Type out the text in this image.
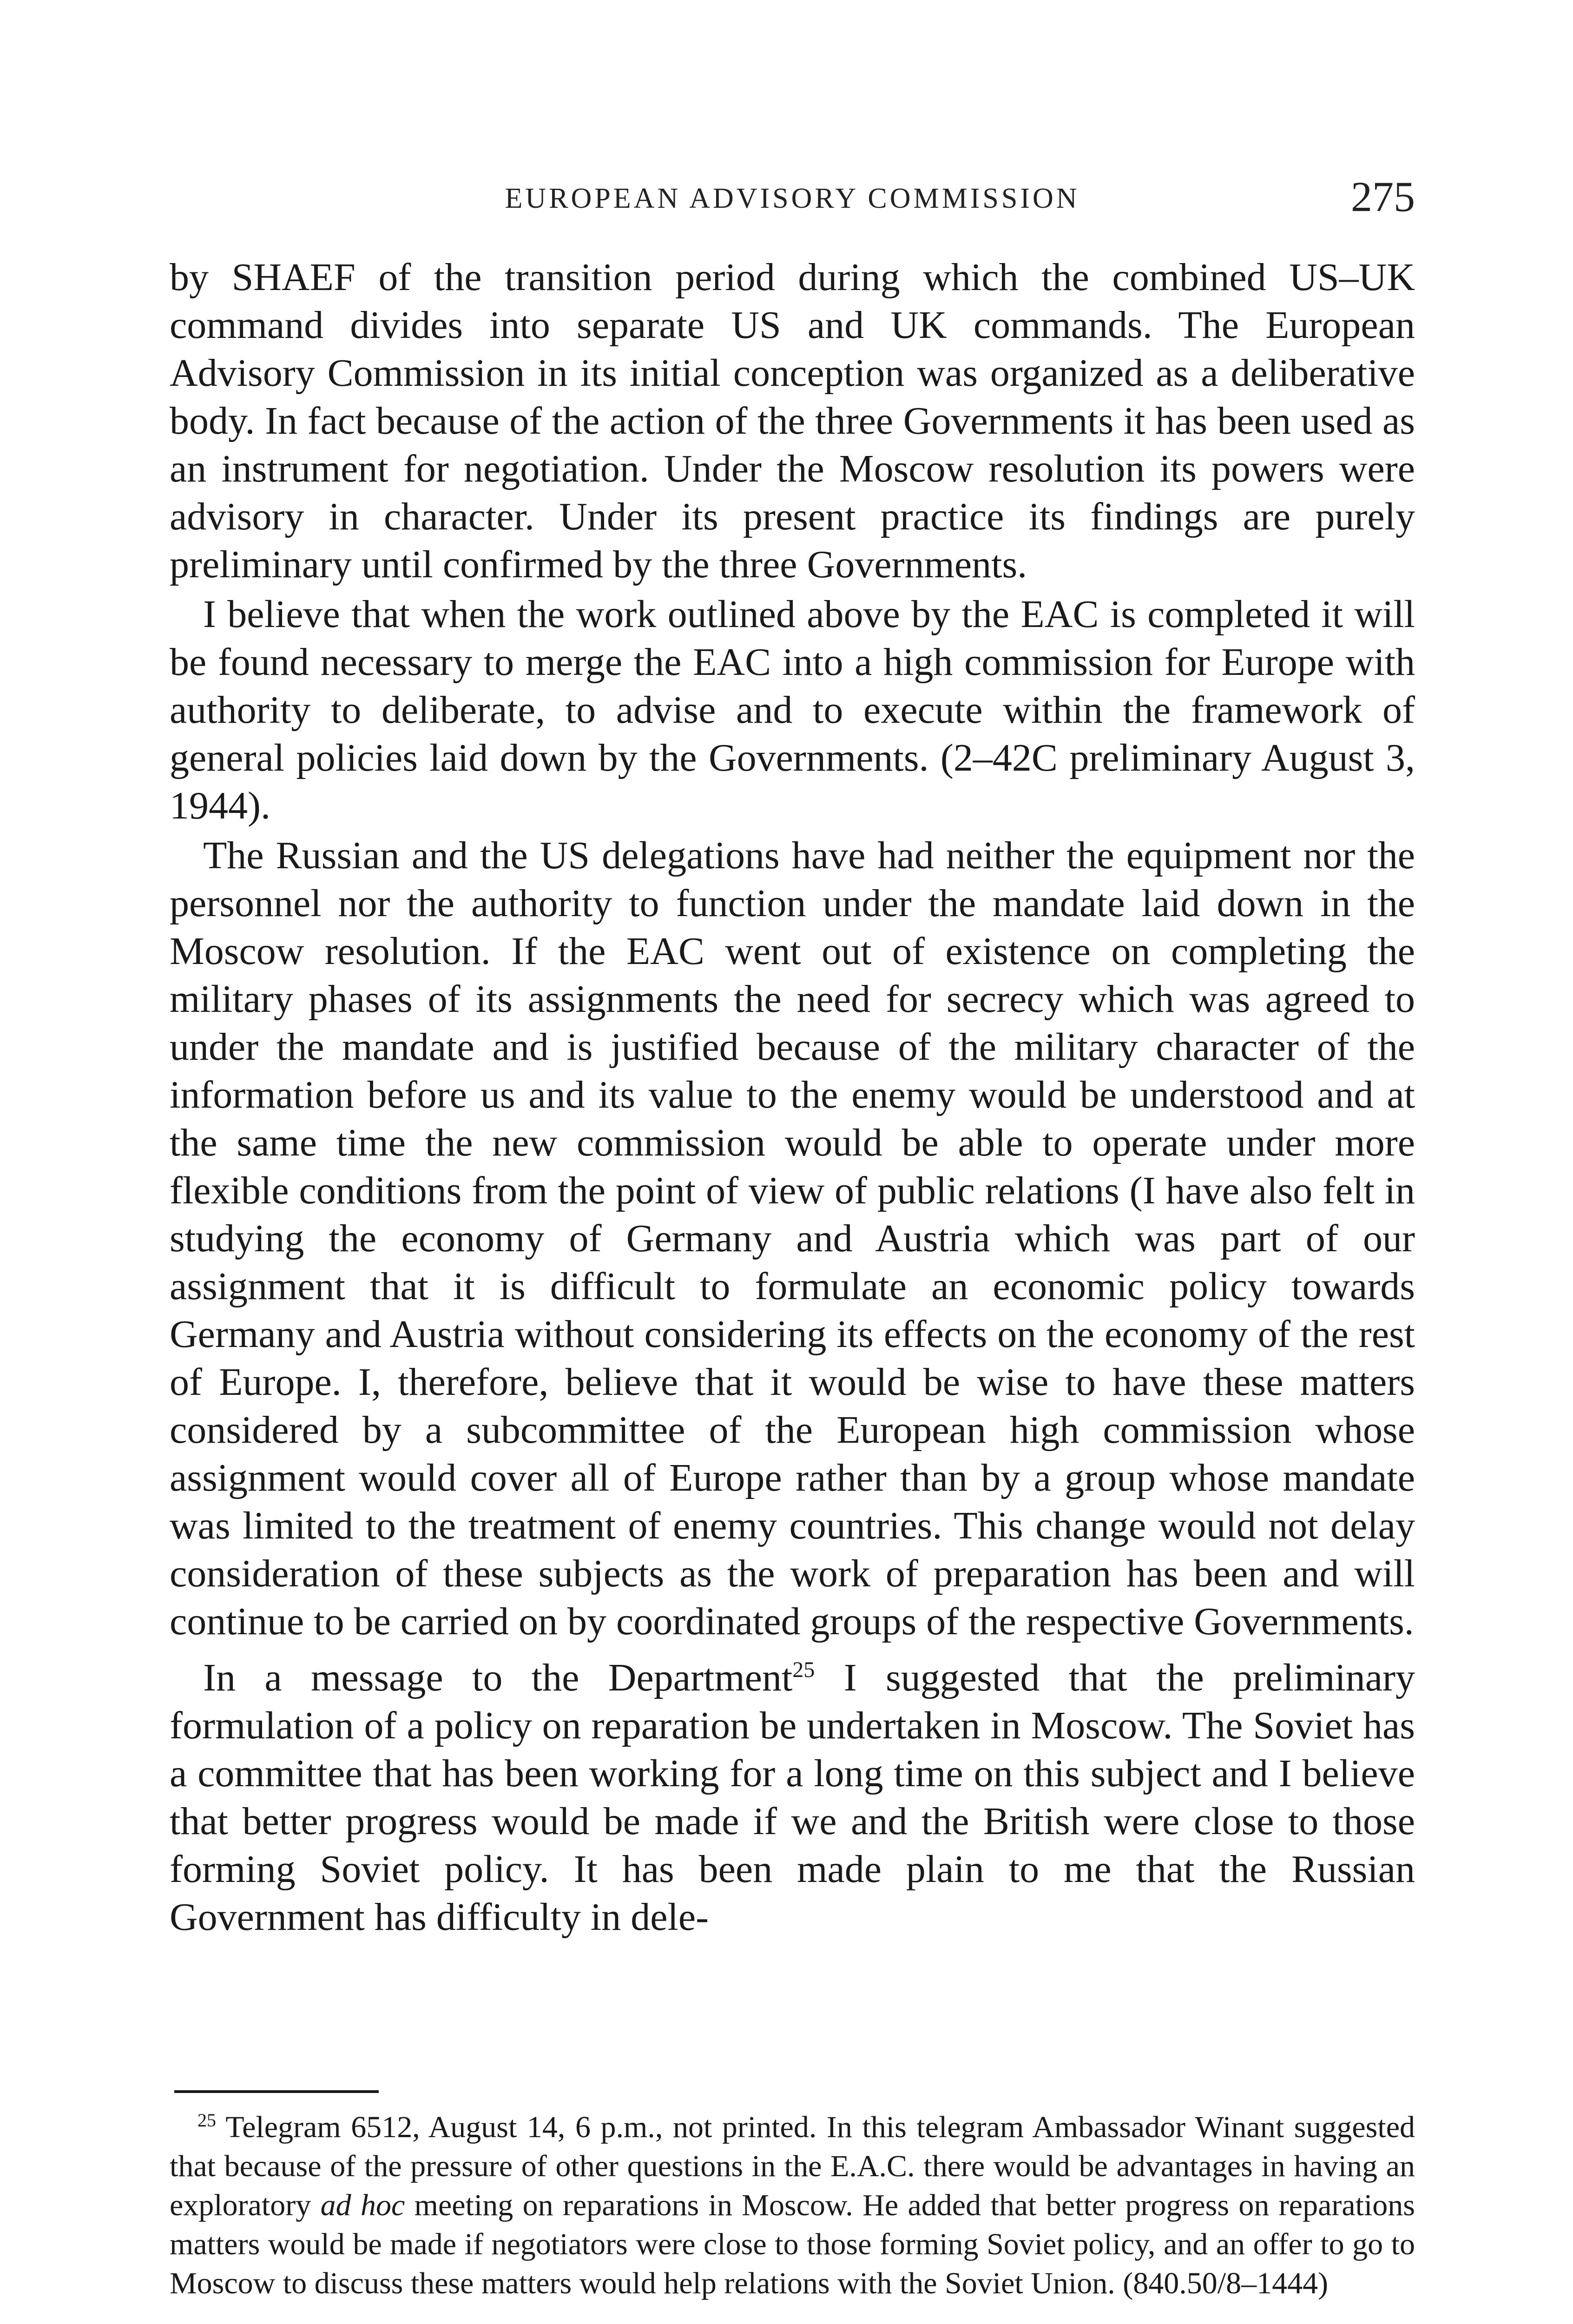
EUROPEAN ADVISORY COMMISSION	275

by SHAEF of the transition period during which the combined US–UK command divides into separate US and UK commands. The European Advisory Commission in its initial conception was organized as a deliberative body. In fact because of the action of the three Governments it has been used as an instrument for negotiation. Under the Moscow resolution its powers were advisory in character. Under its present practice its findings are purely preliminary until confirmed by the three Governments.

I believe that when the work outlined above by the EAC is completed it will be found necessary to merge the EAC into a high commission for Europe with authority to deliberate, to advise and to execute within the framework of general policies laid down by the Governments. (2–42C preliminary August 3, 1944).

The Russian and the US delegations have had neither the equipment nor the personnel nor the authority to function under the mandate laid down in the Moscow resolution. If the EAC went out of existence on completing the military phases of its assignments the need for secrecy which was agreed to under the mandate and is justified because of the military character of the information before us and its value to the enemy would be understood and at the same time the new commission would be able to operate under more flexible conditions from the point of view of public relations (I have also felt in studying the economy of Germany and Austria which was part of our assignment that it is difficult to formulate an economic policy towards Germany and Austria without considering its effects on the economy of the rest of Europe. I, therefore, believe that it would be wise to have these matters considered by a subcommittee of the European high commission whose assignment would cover all of Europe rather than by a group whose mandate was limited to the treatment of enemy countries. This change would not delay consideration of these subjects as the work of preparation has been and will continue to be carried on by coordinated groups of the respective Governments.

In a message to the Department$^{25}$ I suggested that the preliminary formulation of a policy on reparation be undertaken in Moscow. The Soviet has a committee that has been working for a long time on this subject and I believe that better progress would be made if we and the British were close to those forming Soviet policy. It has been made plain to me that the Russian Government has difficulty in dele-

$^{25}$ Telegram 6512, August 14, 6 p.m., not printed. In this telegram Ambassador Winant suggested that because of the pressure of other questions in the E.A.C. there would be advantages in having an exploratory ad hoc meeting on reparations in Moscow. He added that better progress on reparations matters would be made if negotiators were close to those forming Soviet policy, and an offer to go to Moscow to discuss these matters would help relations with the Soviet Union. (840.50/8–1444)
